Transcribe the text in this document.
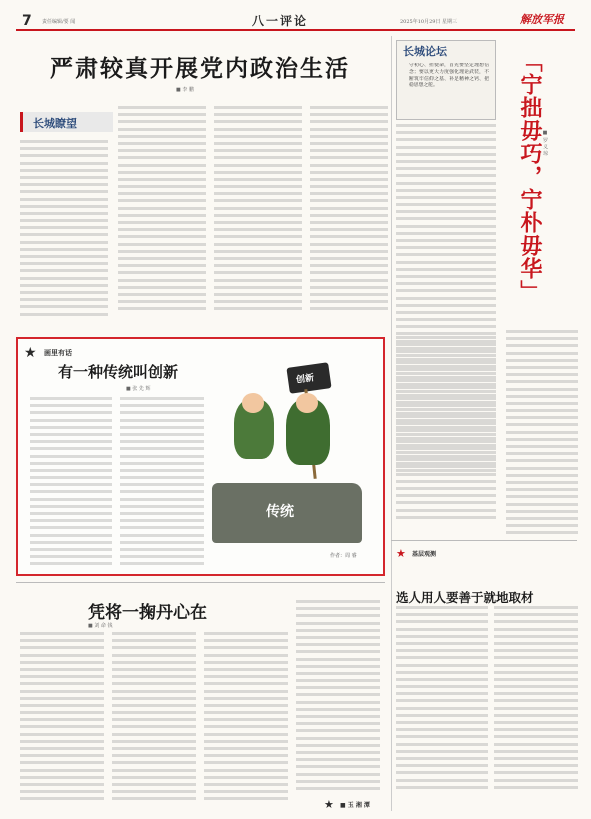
7 责任编辑/要 闻	八一评论	2025年10月29日 星期三	解放军报
严肃较真开展党内政治生活
■ 李 鹏
长城瞭望
长城论坛
守初心、担使命，首先要坚定理想信念；要以更大力度强化理论武装，不断筑牢信仰之基、补足精神之钙、把稳思想之舵。	「宁拙毋巧，宁朴毋华」 ■ 罗 义 琼
★ 基层观测
★ 画里有话
有一种传统叫创新
■ 张 先 辉
创新
传统
作者：周 睿
凭将一掬丹心在
■ 刘 命 钱
★ ■ 玉 湘 潭
选人用人要善于就地取材
